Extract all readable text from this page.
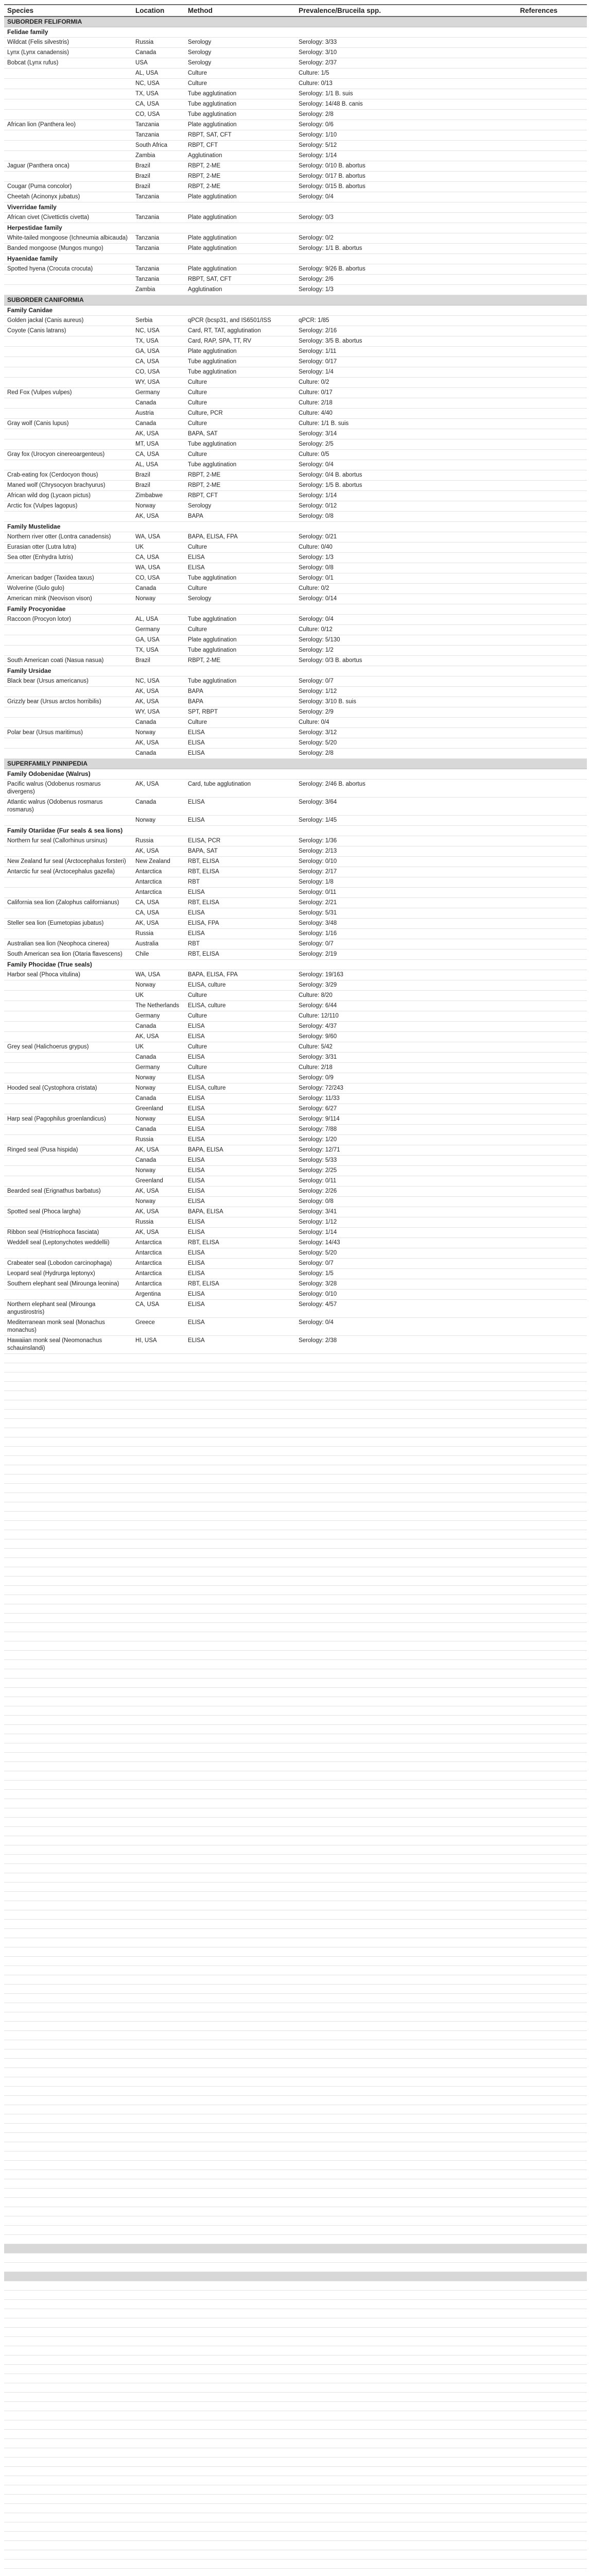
Species	Location	Method	Prevalence/Bruceila spp.	References
SUBORDER FELIFORMIA				
Felidae family				
Wildcat (Felis silvestris)	Russia	Serology	Serology: 3/33	
Lynx (Lynx canadensis)	Canada	Serology	Serology: 3/10	
Bobcat (Lynx rufus)	USA	Serology	Serology: 2/37	
	AL, USA	Culture	Culture: 1/5	
	NC, USA	Culture	Culture: 0/13	
	TX, USA	Tube agglutination	Serology: 1/1 B. suis	
	CA, USA	Tube agglutination	Serology: 14/48 B. canis	
	CO, USA	Tube agglutination	Serology: 2/8	
African lion (Panthera leo)	Tanzania	Plate agglutination	Serology: 0/6	
	Tanzania	RBPT, SAT, CFT	Serology: 1/10	
	South Africa	RBPT, CFT	Serology: 5/12	
	Zambia	Agglutination	Serology: 1/14	
Jaguar (Panthera onca)	Brazil	RBPT, 2-ME	Serology: 0/10 B. abortus	
	Brazil	RBPT, 2-ME	Serology: 0/17 B. abortus	
Cougar (Puma concolor)	Brazil	RBPT, 2-ME	Serology: 0/15 B. abortus	
Cheetah (Acinonyx jubatus)	Tanzania	Plate agglutination	Serology: 0/4	
Viverridae family				
African civet (Civettictis civetta)	Tanzania	Plate agglutination	Serology: 0/3	
Herpestidae family				
White-tailed mongoose (Ichneumia albicauda)	Tanzania	Plate agglutination	Serology: 0/2	
Banded mongoose (Mungos mungo)	Tanzania	Plate agglutination	Serology: 1/1 B. abortus	
Hyaenidae family				
Spotted hyena (Crocuta crocuta)	Tanzania	Plate agglutination	Serology: 9/26 B. abortus	
	Tanzania	RBPT, SAT, CFT	Serology: 2/6	
	Zambia	Agglutination	Serology: 1/3	
SUBORDER CANIFORMIA				
Family Canidae				
Golden jackal (Canis aureus)	Serbia	qPCR (bcsp31, and IS6501/ISS	qPCR: 1/85	
Coyote (Canis latrans)	NC, USA	Card, RT, TAT, agglutination	Serology: 2/16	
	TX, USA	Card, RAP, SPA, TT, RV	Serology: 3/5 B. abortus	
	GA, USA	Plate agglutination	Serology: 1/11	
	CA, USA	Tube agglutination	Serology: 0/17	
	CO, USA	Tube agglutination	Serology: 1/4	
	WY, USA	Culture	Culture: 0/2	
Red Fox (Vulpes vulpes)	Germany	Culture	Culture: 0/17	
	Canada	Culture	Culture: 2/18	
	Austria	Culture, PCR	Culture: 4/40	
Gray wolf (Canis lupus)	Canada	Culture	Culture: 1/1 B. suis	
	AK, USA	BAPA, SAT	Serology: 3/14	
	MT, USA	Tube agglutination	Serology: 2/5	
Gray fox (Urocyon cinereoargenteus)	CA, USA	Culture	Culture: 0/5	
	AL, USA	Tube agglutination	Serology: 0/4	
Crab-eating fox (Cerdocyon thous)	Brazil	RBPT, 2-ME	Serology: 0/4 B. abortus	
Maned wolf (Chrysocyon brachyurus)	Brazil	RBPT, 2-ME	Serology: 1/5 B. abortus	
African wild dog (Lycaon pictus)	Zimbabwe	RBPT, CFT	Serology: 1/14	
Arctic fox (Vulpes lagopus)	Norway	Serology	Serology: 0/12	
	AK, USA	BAPA	Serology: 0/8	
Family Mustelidae				
Northern river otter (Lontra canadensis)	WA, USA	BAPA, ELISA, FPA	Serology: 0/21	
Eurasian otter (Lutra lutra)	UK	Culture	Culture: 0/40	
Sea otter (Enhydra lutris)	CA, USA	ELISA	Serology: 1/3	
	WA, USA	ELISA	Serology: 0/8	
American badger (Taxidea taxus)	CO, USA	Tube agglutination	Serology: 0/1	
Wolverine (Gulo gulo)	Canada	Culture	Culture: 0/2	
American mink (Neovison vison)	Norway	Serology	Serology: 0/14	
Family Procyonidae				
Raccoon (Procyon lotor)	AL, USA	Tube agglutination	Serology: 0/4	
	Germany	Culture	Culture: 0/12	
	GA, USA	Plate agglutination	Serology: 5/130	
	TX, USA	Tube agglutination	Serology: 1/2	
South American coati (Nasua nasua)	Brazil	RBPT, 2-ME	Serology: 0/3 B. abortus	
Family Ursidae				
Black bear (Ursus americanus)	NC, USA	Tube agglutination	Serology: 0/7	
	AK, USA	BAPA	Serology: 1/12	
Grizzly bear (Ursus arctos horribilis)	AK, USA	BAPA	Serology: 3/10 B. suis	
	WY, USA	SPT, RBPT	Serology: 2/9	
	Canada	Culture	Culture: 0/4	
Polar bear (Ursus maritimus)	Norway	ELISA	Serology: 3/12	
	AK, USA	ELISA	Serology: 5/20	
	Canada	ELISA	Serology: 2/8	
SUPERFAMILY PINNIPEDIA				
Family Odobenidae (Walrus)				
Pacific walrus (Odobenus rosmarus divergens)	AK, USA	Card, tube agglutination	Serology: 2/46 B. abortus	
Atlantic walrus (Odobenus rosmarus rosmarus)	Canada	ELISA	Serology: 3/64	
	Norway	ELISA	Serology: 1/45	
Family Otariidae (Fur seals & sea lions)				
Northern fur seal (Callorhinus ursinus)	Russia	ELISA, PCR	Serology: 1/36	
	AK, USA	BAPA, SAT	Serology: 2/13	
New Zealand fur seal (Arctocephalus forsteri)	New Zealand	RBT, ELISA	Serology: 0/10	
Antarctic fur seal (Arctocephalus gazella)	Antarctica	RBT, ELISA	Serology: 2/17	
	Antarctica	RBT	Serology: 1/8	
	Antarctica	ELISA	Serology: 0/11	
California sea lion (Zalophus californianus)	CA, USA	RBT, ELISA	Serology: 2/21	
	CA, USA	ELISA	Serology: 5/31	
Steller sea lion (Eumetopias jubatus)	AK, USA	ELISA, FPA	Serology: 3/48	
	Russia	ELISA	Serology: 1/16	
Australian sea lion (Neophoca cinerea)	Australia	RBT	Serology: 0/7	
South American sea lion (Otaria flavescens)	Chile	RBT, ELISA	Serology: 2/19	
Family Phocidae (True seals)				
Harbor seal (Phoca vitulina)	WA, USA	BAPA, ELISA, FPA	Serology: 19/163	
	Norway	ELISA, culture	Serology: 3/29	
	UK	Culture	Culture: 8/20	
	The Netherlands	ELISA, culture	Serology: 6/44	
	Germany	Culture	Culture: 12/110	
	Canada	ELISA	Serology: 4/37	
	AK, USA	ELISA	Serology: 9/60	
Grey seal (Halichoerus grypus)	UK	Culture	Culture: 5/42	
	Canada	ELISA	Serology: 3/31	
	Germany	Culture	Culture: 2/18	
	Norway	ELISA	Serology: 0/9	
Hooded seal (Cystophora cristata)	Norway	ELISA, culture	Serology: 72/243	
	Canada	ELISA	Serology: 11/33	
	Greenland	ELISA	Serology: 6/27	
Harp seal (Pagophilus groenlandicus)	Norway	ELISA	Serology: 9/114	
	Canada	ELISA	Serology: 7/88	
	Russia	ELISA	Serology: 1/20	
Ringed seal (Pusa hispida)	AK, USA	BAPA, ELISA	Serology: 12/71	
	Canada	ELISA	Serology: 5/33	
	Norway	ELISA	Serology: 2/25	
	Greenland	ELISA	Serology: 0/11	
Bearded seal (Erignathus barbatus)	AK, USA	ELISA	Serology: 2/26	
	Norway	ELISA	Serology: 0/8	
Spotted seal (Phoca largha)	AK, USA	BAPA, ELISA	Serology: 3/41	
	Russia	ELISA	Serology: 1/12	
Ribbon seal (Histriophoca fasciata)	AK, USA	ELISA	Serology: 1/14	
Weddell seal (Leptonychotes weddellii)	Antarctica	RBT, ELISA	Serology: 14/43	
	Antarctica	ELISA	Serology: 5/20	
Crabeater seal (Lobodon carcinophaga)	Antarctica	ELISA	Serology: 0/7	
Leopard seal (Hydrurga leptonyx)	Antarctica	ELISA	Serology: 1/5	
Southern elephant seal (Mirounga leonina)	Antarctica	RBT, ELISA	Serology: 3/28	
	Argentina	ELISA	Serology: 0/10	
Northern elephant seal (Mirounga angustirostris)	CA, USA	ELISA	Serology: 4/57	
Mediterranean monk seal (Monachus monachus)	Greece	ELISA	Serology: 0/4	
Hawaiian monk seal (Neomonachus schauinslandi)	HI, USA	ELISA	Serology: 2/38	
